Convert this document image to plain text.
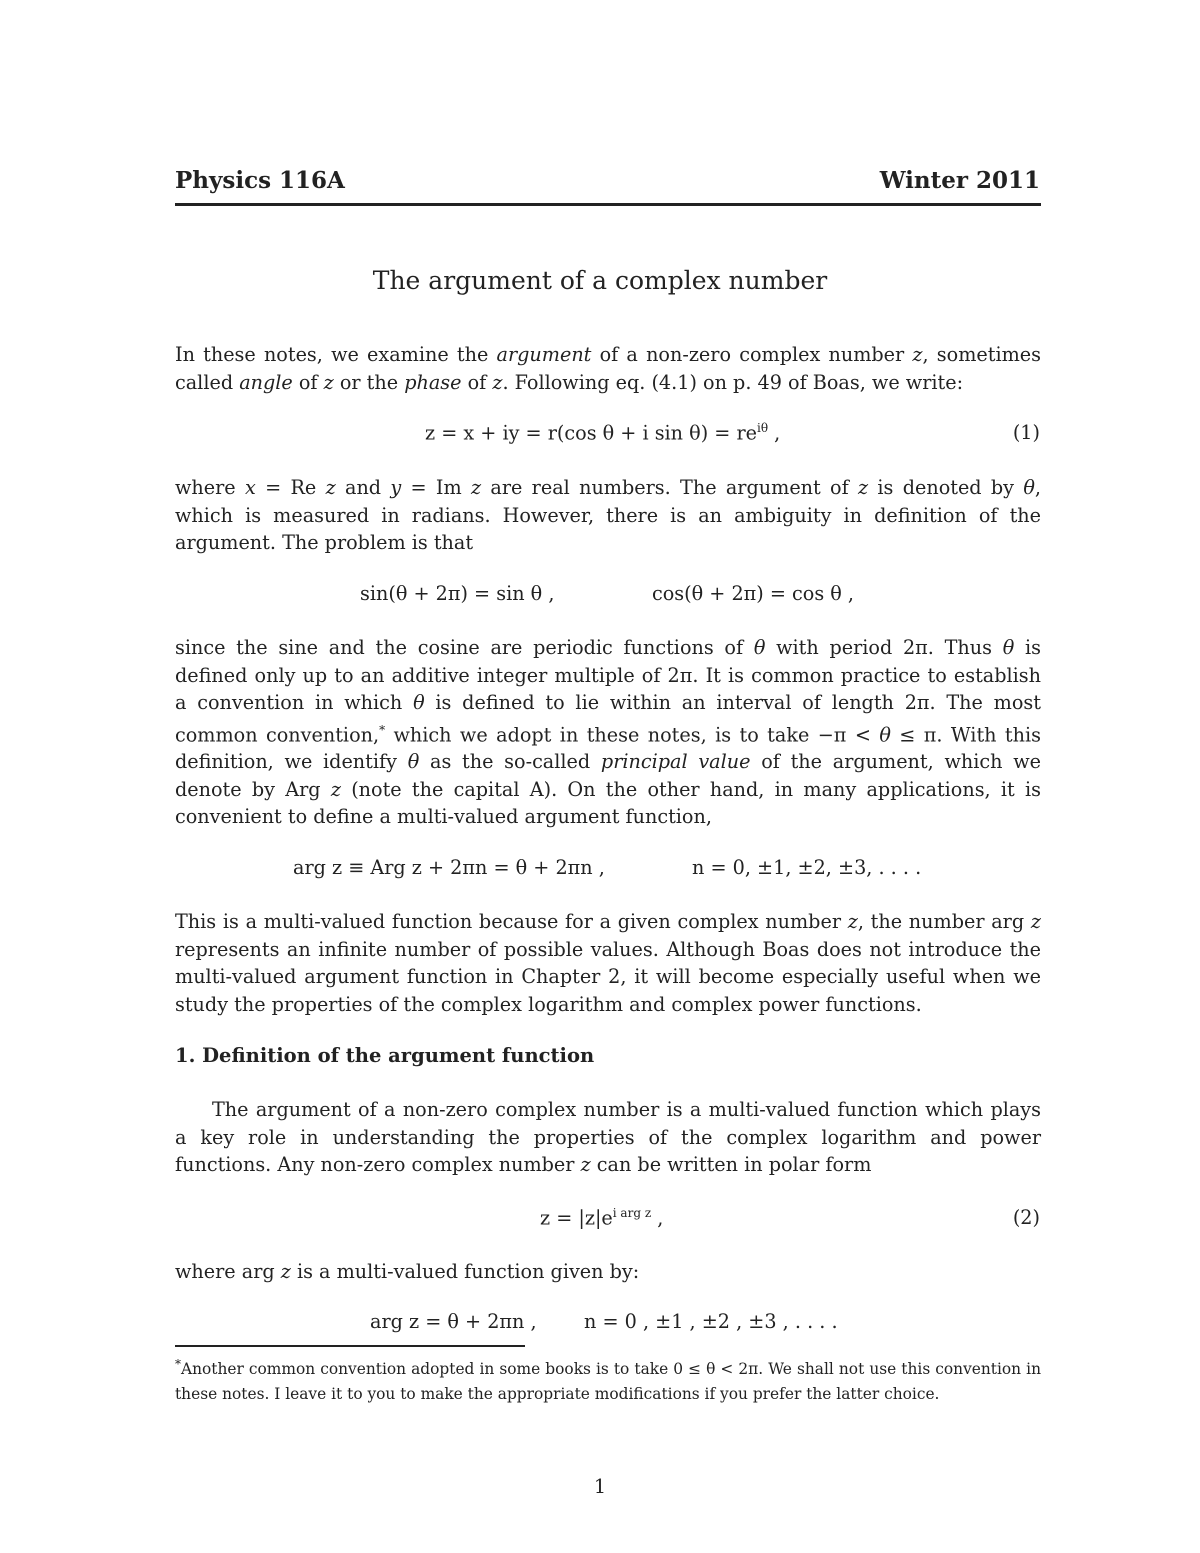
Physics 116A	Winter 2011
The argument of a complex number

In these notes, we examine the argument of a non-zero complex number z, sometimes called angle of z or the phase of z. Following eq. (4.1) on p. 49 of Boas, we write:

z = x + iy = r(cos θ + i $\sin \theta) = re^{i\theta}$ ,	(1)

where x = Re z and y = Im z are real numbers. The argument of z is denoted by θ, which is measured in radians. However, there is an ambiguity in definition of the argument. The problem is that

sin(θ + 2π) = sin θ ,	cos(θ + 2π) = cos θ ,

since the sine and the cosine are periodic functions of θ with period 2π. Thus θ is defined only up to an additive integer multiple of 2π. It is common practice to establish a convention in which θ is defined to lie within an interval of length 2π. The most common convention,* which we adopt in these notes, is to take −π < θ ≤ π. With this definition, we identify θ as the so-called principal value of the argument, which we denote by Arg z (note the capital A). On the other hand, in many applications, it is convenient to define a multi-valued argument function,

arg z ≡ Arg z + 2πn = θ + 2πn ,	n = 0, ±1, ±2, ±3, . . . .

This is a multi-valued function because for a given complex number z, the number arg z represents an infinite number of possible values. Although Boas does not introduce the multi-valued argument function in Chapter 2, it will become especially useful when we study the properties of the complex logarithm and complex power functions.

1. Definition of the argument function

The argument of a non-zero complex number is a multi-valued function which plays a key role in understanding the properties of the complex logarithm and power functions. Any non-zero complex number z can be written in polar form

$z = |z|e^{i arg z}$ ,	(2)

where arg z is a multi-valued function given by:

arg z = θ + 2πn , n = 0 , ±1 , ±2 , ±3 , . . . .

*Another common convention adopted in some books is to take 0 ≤ θ < 2π. We shall not use this convention in these notes. I leave it to you to make the appropriate modifications if you prefer the latter choice.

1
